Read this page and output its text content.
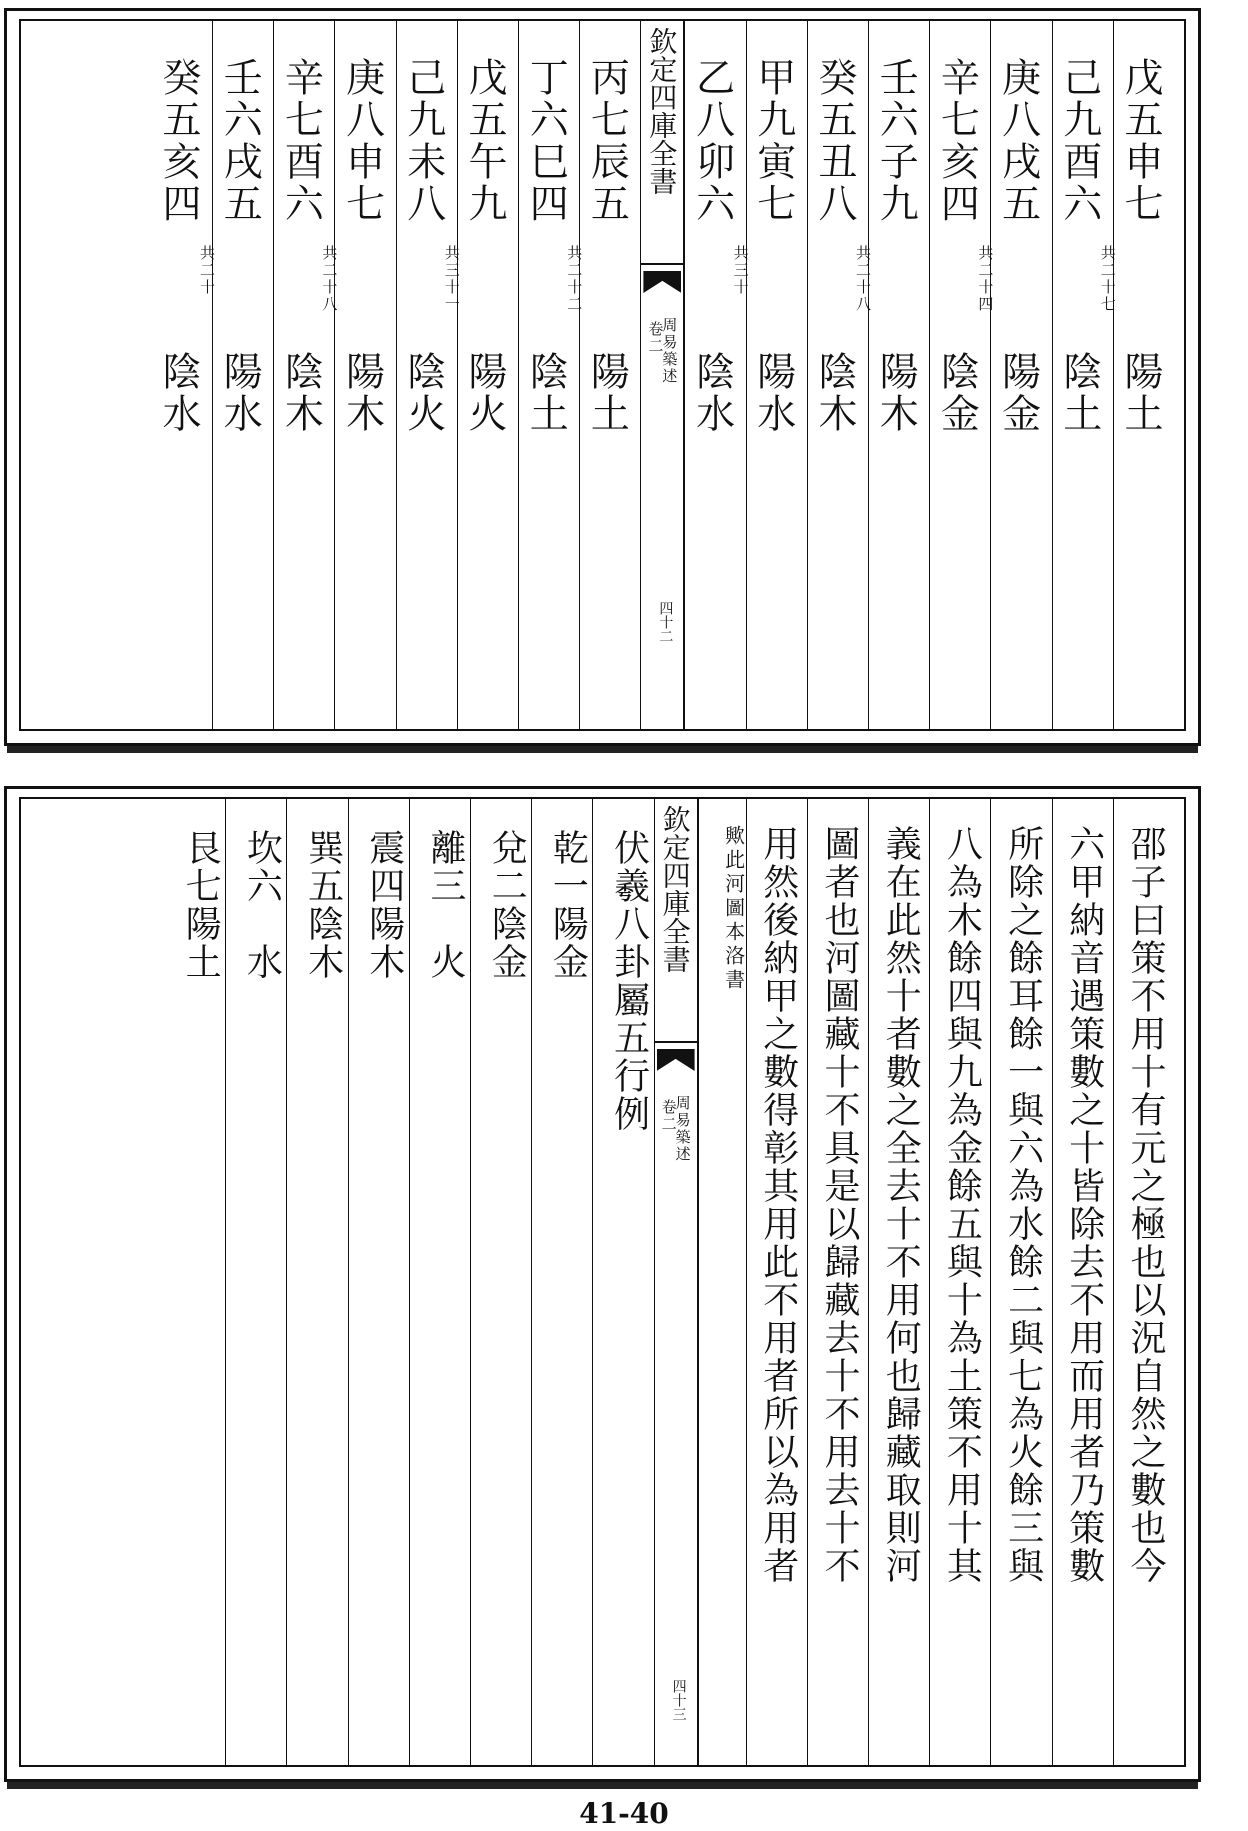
戊五申七
陽土
共二十七
己九酉六
陰土
庚八戌五
陽金
共二十四
辛七亥四
陰金
壬六子九
陽木
共二十八
癸五丑八
陰木
甲九寅七
陽水
共三十
乙八卯六
陰水
欽定四庫全書
周易築述
卷二
四十二
丙七辰五
陽土
共二十二
丁六巳四
陰土
戊五午九
陽火
共三十一
己九未八
陰火
庚八申七
陽木
共二十八
辛七酉六
陰木
壬六戌五
陽水
共二十
癸五亥四
陰水
邵子曰策不用十有元之極也以況自然之數也今
六甲納音遇策數之十皆除去不用而用者乃策數
所除之餘耳餘一與六為水餘二與七為火餘三與
八為木餘四與九為金餘五與十為土策不用十其
義在此然十者數之全去十不用何也歸藏取則河
圖者也河圖藏十不具是以歸藏去十不用去十不
用然後納甲之數得彰其用此不用者所以為用者
歟此河圖本洛書
欽定四庫全書
周易築述
卷二
四十三
伏羲八卦屬五行例
乾一陽金
兌二陰金
離三　火
震四陽木
巽五陰木
坎六　水
艮七陽土
41-40
